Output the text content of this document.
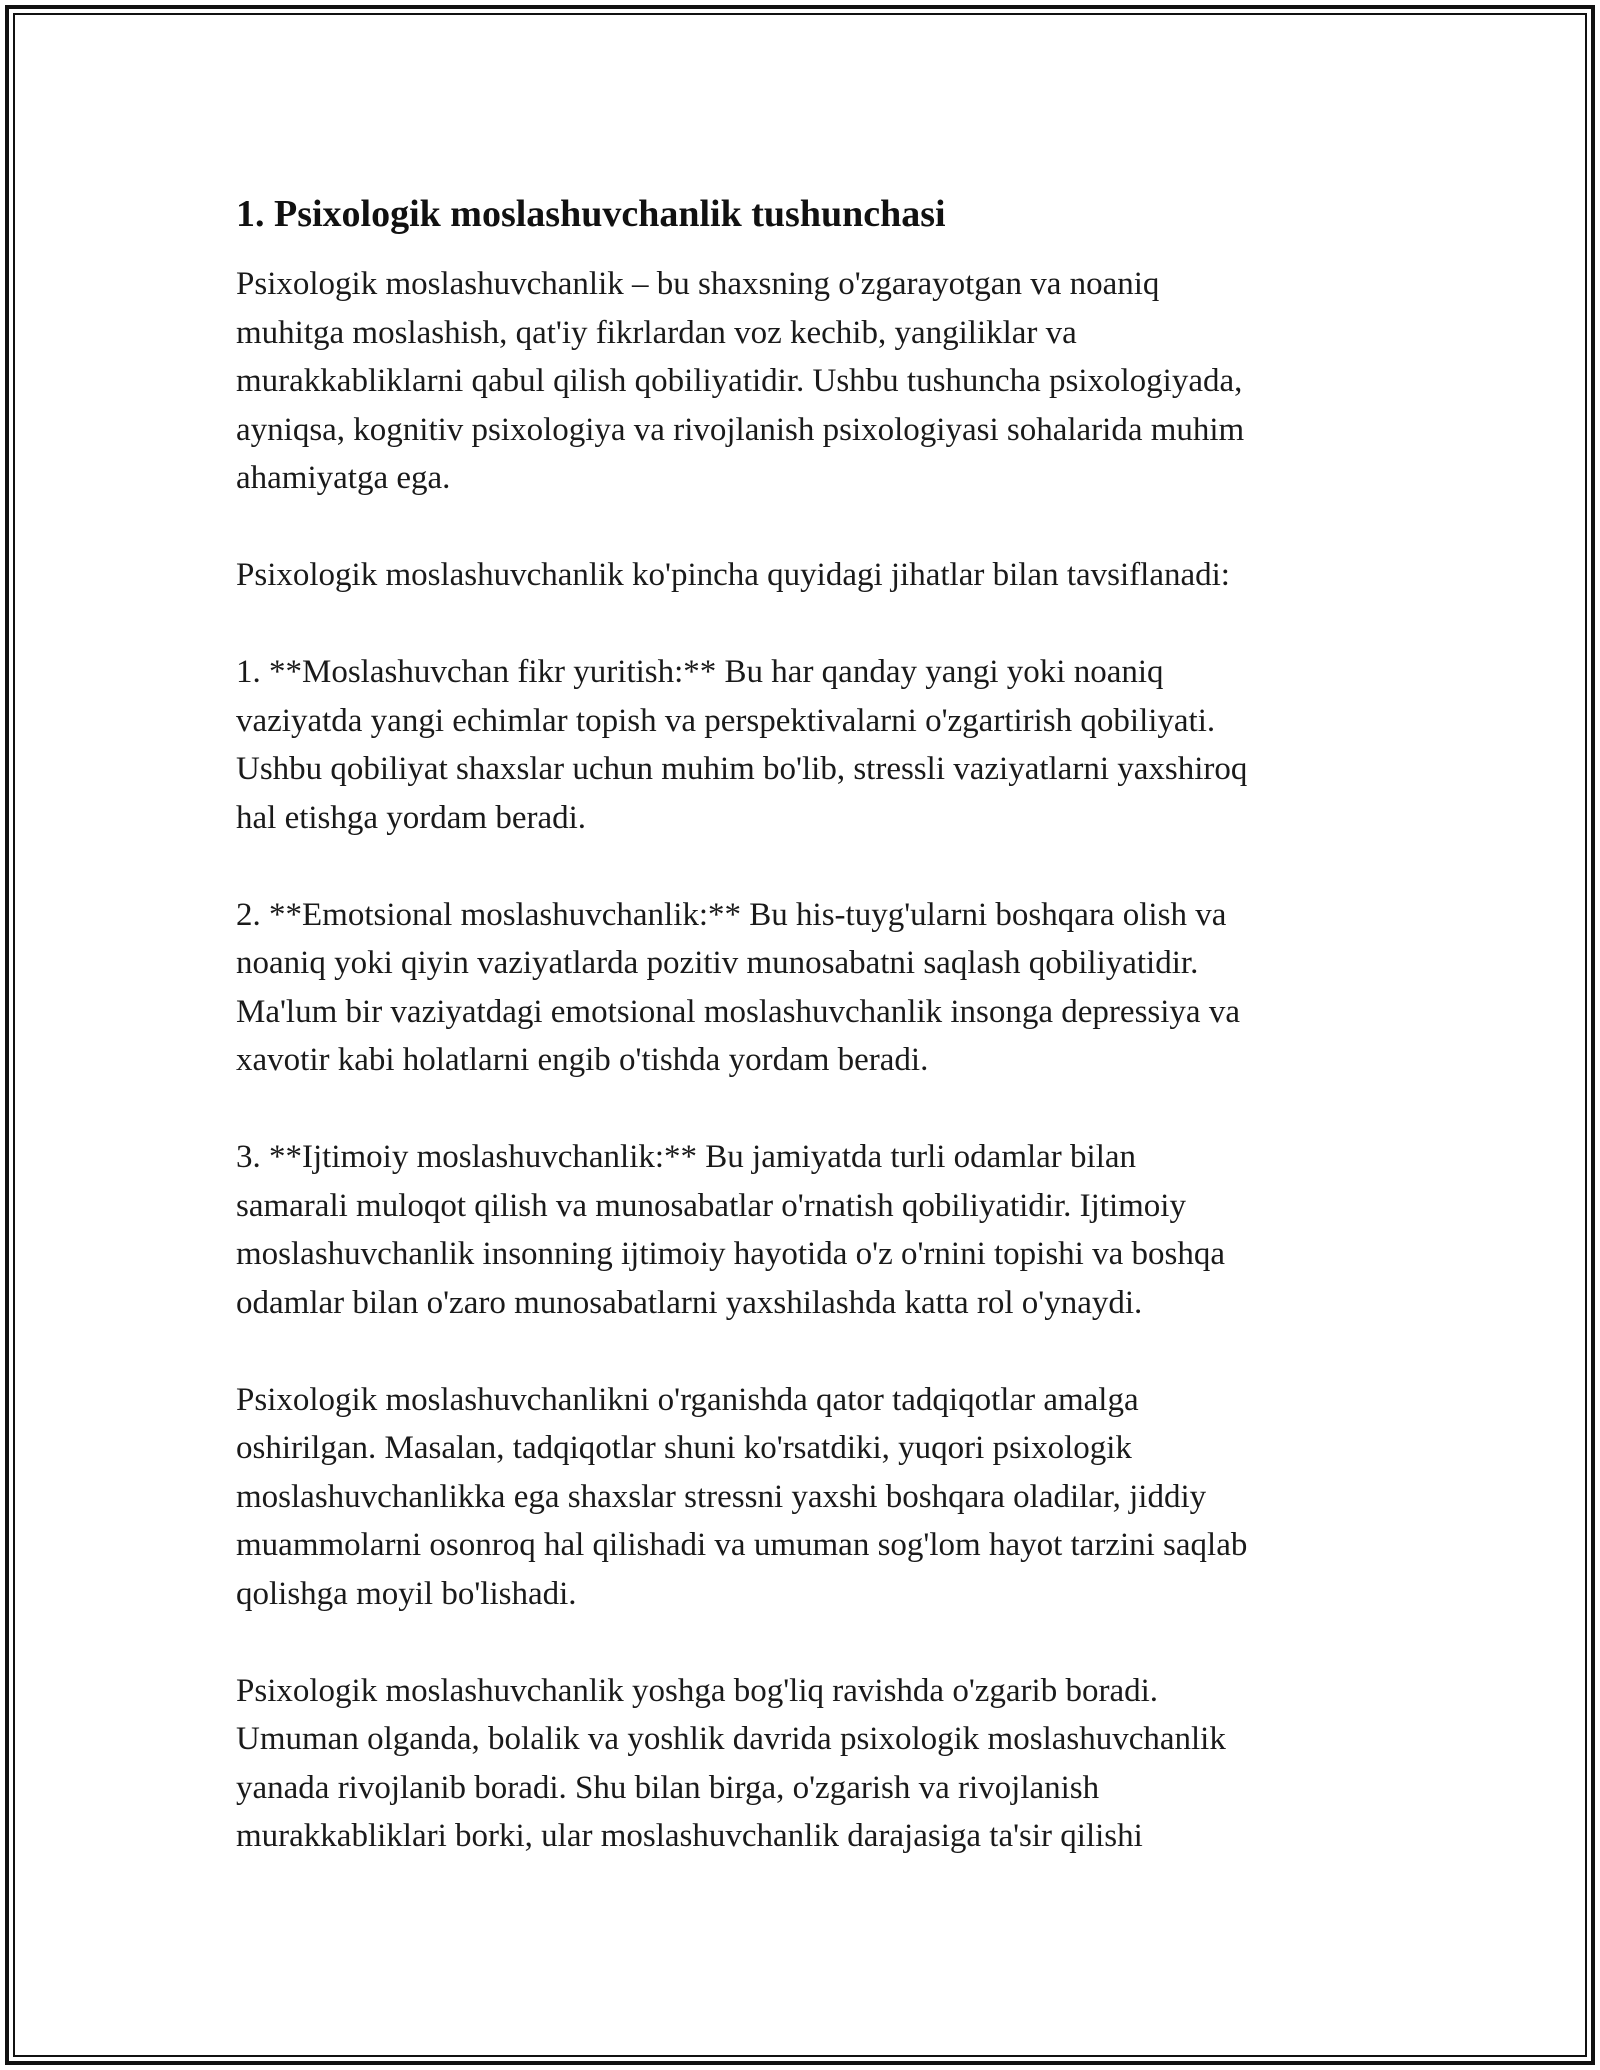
1. Psixologik moslashuvchanlik tushunchasi
Psixologik moslashuvchanlik – bu shaxsning o'zgarayotgan va noaniq
muhitga moslashish, qat'iy fikrlardan voz kechib, yangiliklar va
murakkabliklarni qabul qilish qobiliyatidir. Ushbu tushuncha psixologiyada,
ayniqsa, kognitiv psixologiya va rivojlanish psixologiyasi sohalarida muhim
ahamiyatga ega.
Psixologik moslashuvchanlik ko'pincha quyidagi jihatlar bilan tavsiflanadi:
1. **Moslashuvchan fikr yuritish:** Bu har qanday yangi yoki noaniq
vaziyatda yangi echimlar topish va perspektivalarni o'zgartirish qobiliyati.
Ushbu qobiliyat shaxslar uchun muhim bo'lib, stressli vaziyatlarni yaxshiroq
hal etishga yordam beradi.
2. **Emotsional moslashuvchanlik:** Bu his-tuyg'ularni boshqara olish va
noaniq yoki qiyin vaziyatlarda pozitiv munosabatni saqlash qobiliyatidir.
Ma'lum bir vaziyatdagi emotsional moslashuvchanlik insonga depressiya va
xavotir kabi holatlarni engib o'tishda yordam beradi.
3. **Ijtimoiy moslashuvchanlik:** Bu jamiyatda turli odamlar bilan
samarali muloqot qilish va munosabatlar o'rnatish qobiliyatidir. Ijtimoiy
moslashuvchanlik insonning ijtimoiy hayotida o'z o'rnini topishi va boshqa
odamlar bilan o'zaro munosabatlarni yaxshilashda katta rol o'ynaydi.
Psixologik moslashuvchanlikni o'rganishda qator tadqiqotlar amalga
oshirilgan. Masalan, tadqiqotlar shuni ko'rsatdiki, yuqori psixologik
moslashuvchanlikka ega shaxslar stressni yaxshi boshqara oladilar, jiddiy
muammolarni osonroq hal qilishadi va umuman sog'lom hayot tarzini saqlab
qolishga moyil bo'lishadi.
Psixologik moslashuvchanlik yoshga bog'liq ravishda o'zgarib boradi.
Umuman olganda, bolalik va yoshlik davrida psixologik moslashuvchanlik
yanada rivojlanib boradi. Shu bilan birga, o'zgarish va rivojlanish
murakkabliklari borki, ular moslashuvchanlik darajasiga ta'sir qilishi
